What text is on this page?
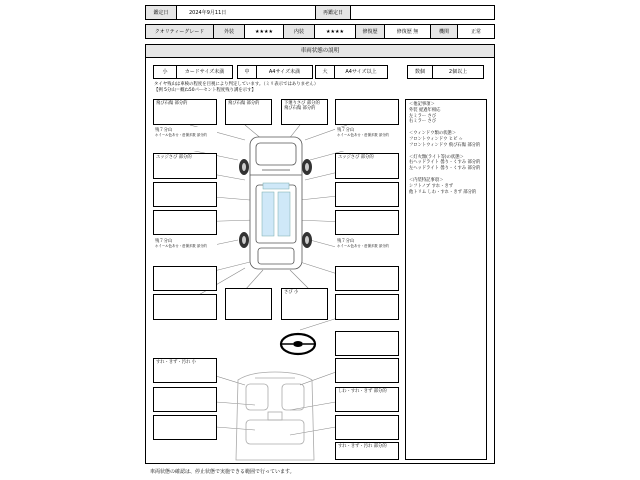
鑑定日	2024年9月11日	再鑑定日
クオリティーグレード	外装	★★★★	内装	★★★★	修復歴	修復歴 無	機関	正常
車両状態の説明
小	カードサイズ未満	中	A4サイズ未満	大	A4サイズ以上	数個	2個以上
タイヤ残山は車検の程度を目視により判定しています。（ミリ表示ではありません）
【例 5分山＝概ね50パーセント程度残り溝を示す】
飛び石傷 部分的	飛び石傷 部分的	下廻りさび 部分的
飛び石傷 部分的
残７分山
ホイール色あせ・虚傷多数 部分的
残７分山
ホイール色あせ・虚傷多数 部分的
エッジさび 部分的	エッジさび 部分的
残７分山
ホイール色あせ・虚傷多数 部分的
残７分山
ホイール色あせ・虚傷多数 部分的
さび 小
すれ・きず・汚れ 小
しわ・すれ・きず 部分的
すれ・きず・汚れ 部分的
＜他記事項＞
外装 経過年相応
左ミラー さび
右ミラー さび
＜ウィンドウ類の状態＞
フロントウィンドウ ヒビ ☆
フロントウィンドウ 飛び石傷 部分的
＜灯火類(ライト等)の状態＞
右ヘッドライト 曇り・くすみ 部分的
左ヘッドライト 曇り・くすみ 部分的
＜内装特記事項＞
シフトノブ すれ・きず
他トリム しわ・すれ・きず 部分的
車両状態の確認は、停止状態で実施できる範囲で行っています。
